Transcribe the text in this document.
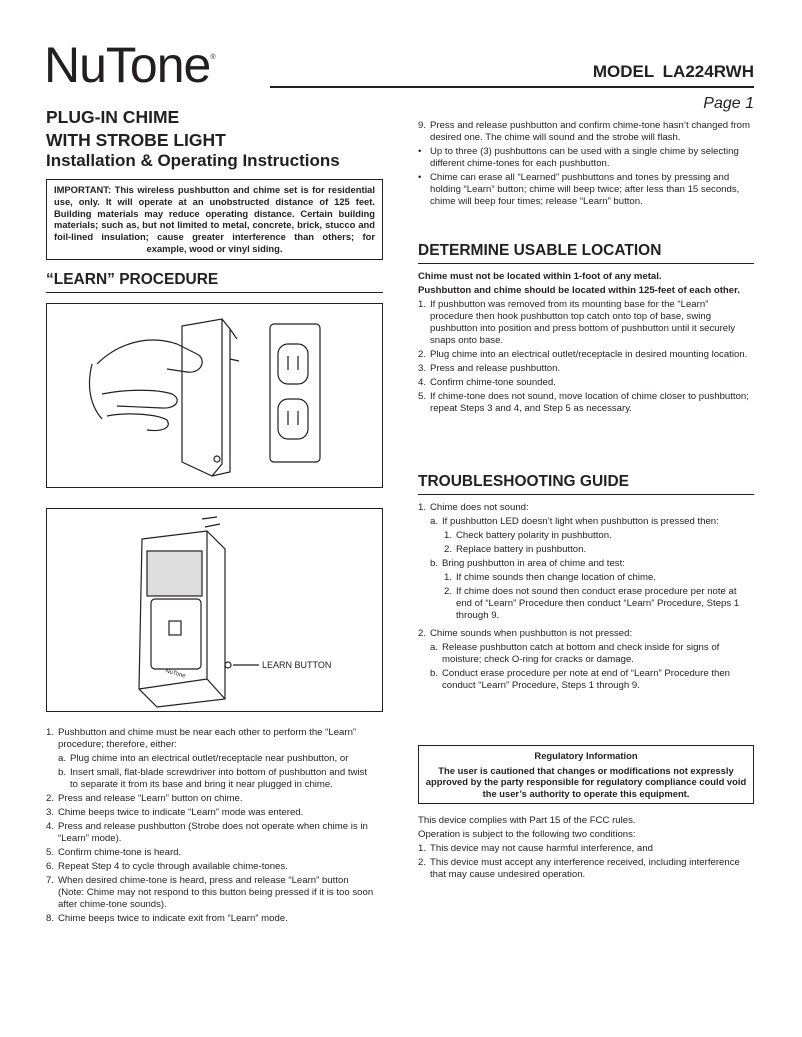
NuTone®
MODEL LA224RWH
Page 1
PLUG-IN CHIME
WITH STROBE LIGHT
Installation & Operating Instructions
IMPORTANT: This wireless pushbutton and chime set is for residential use, only. It will operate at an unobstructed distance of 125 feet. Building materials may reduce operating distance. Certain building materials; such as, but not limited to metal, concrete, brick, stucco and foil-lined insulation; cause greater interference than others; for example, wood or vinyl siding.
“LEARN” PROCEDURE
LEARN BUTTON
NuTone
1. Pushbutton and chime must be near each other to perform the “Learn” procedure; therefore, either:
a. Plug chime into an electrical outlet/receptacle near pushbutton, or
b. Insert small, flat-blade screwdriver into bottom of pushbutton and twist to separate it from its base and bring it near plugged in chime.
2. Press and release “Learn” button on chime.
3. Chime beeps twice to indicate “Learn” mode was entered.
4. Press and release pushbutton (Strobe does not operate when chime is in “Learn” mode).
5. Confirm chime-tone is heard.
6. Repeat Step 4 to cycle through available chime-tones.
7. When desired chime-tone is heard, press and release “Learn” button (Note: Chime may not respond to this button being pressed if it is too soon after chime-tone sounds).
8. Chime beeps twice to indicate exit from “Learn” mode.
9. Press and release pushbutton and confirm chime-tone hasn’t changed from desired one. The chime will sound and the strobe will flash.
• Up to three (3) pushbuttons can be used with a single chime by selecting different chime-tones for each pushbutton.
• Chime can erase all “Learned” pushbuttons and tones by pressing and holding “Learn” button; chime will beep twice; after less than 15 seconds, chime will beep four times; release “Learn” button.
DETERMINE USABLE LOCATION
Chime must not be located within 1-foot of any metal.
Pushbutton and chime should be located within 125-feet of each other.
1. If pushbutton was removed from its mounting base for the “Learn” procedure then hook pushbutton top catch onto top of base, swing pushbutton into position and press bottom of pushbutton until it securely snaps onto base.
2. Plug chime into an electrical outlet/receptacle in desired mounting location.
3. Press and release pushbutton.
4. Confirm chime-tone sounded.
5. If chime-tone does not sound, move location of chime closer to pushbutton; repeat Steps 3 and 4, and Step 5 as necessary.
TROUBLESHOOTING GUIDE
1. Chime does not sound:
a. If pushbutton LED doesn’t light when pushbutton is pressed then:
1. Check battery polarity in pushbutton.
2. Replace battery in pushbutton.
b. Bring pushbutton in area of chime and test:
1. If chime sounds then change location of chime.
2. If chime does not sound then conduct erase procedure per note at end of “Learn” Procedure then conduct “Learn” Procedure, Steps 1 through 9.
2. Chime sounds when pushbutton is not pressed:
a. Release pushbutton catch at bottom and check inside for signs of moisture; check O-ring for cracks or damage.
b. Conduct erase procedure per note at end of “Learn” Procedure then conduct “Learn” Procedure, Steps 1 through 9.
Regulatory Information
The user is cautioned that changes or modifications not expressly approved by the party responsible for regulatory compliance could void the user’s authority to operate this equipment.
This device complies with Part 15 of the FCC rules.
Operation is subject to the following two conditions:
1. This device may not cause harmful interference, and
2. This device must accept any interference received, including interference that may cause undesired operation.
